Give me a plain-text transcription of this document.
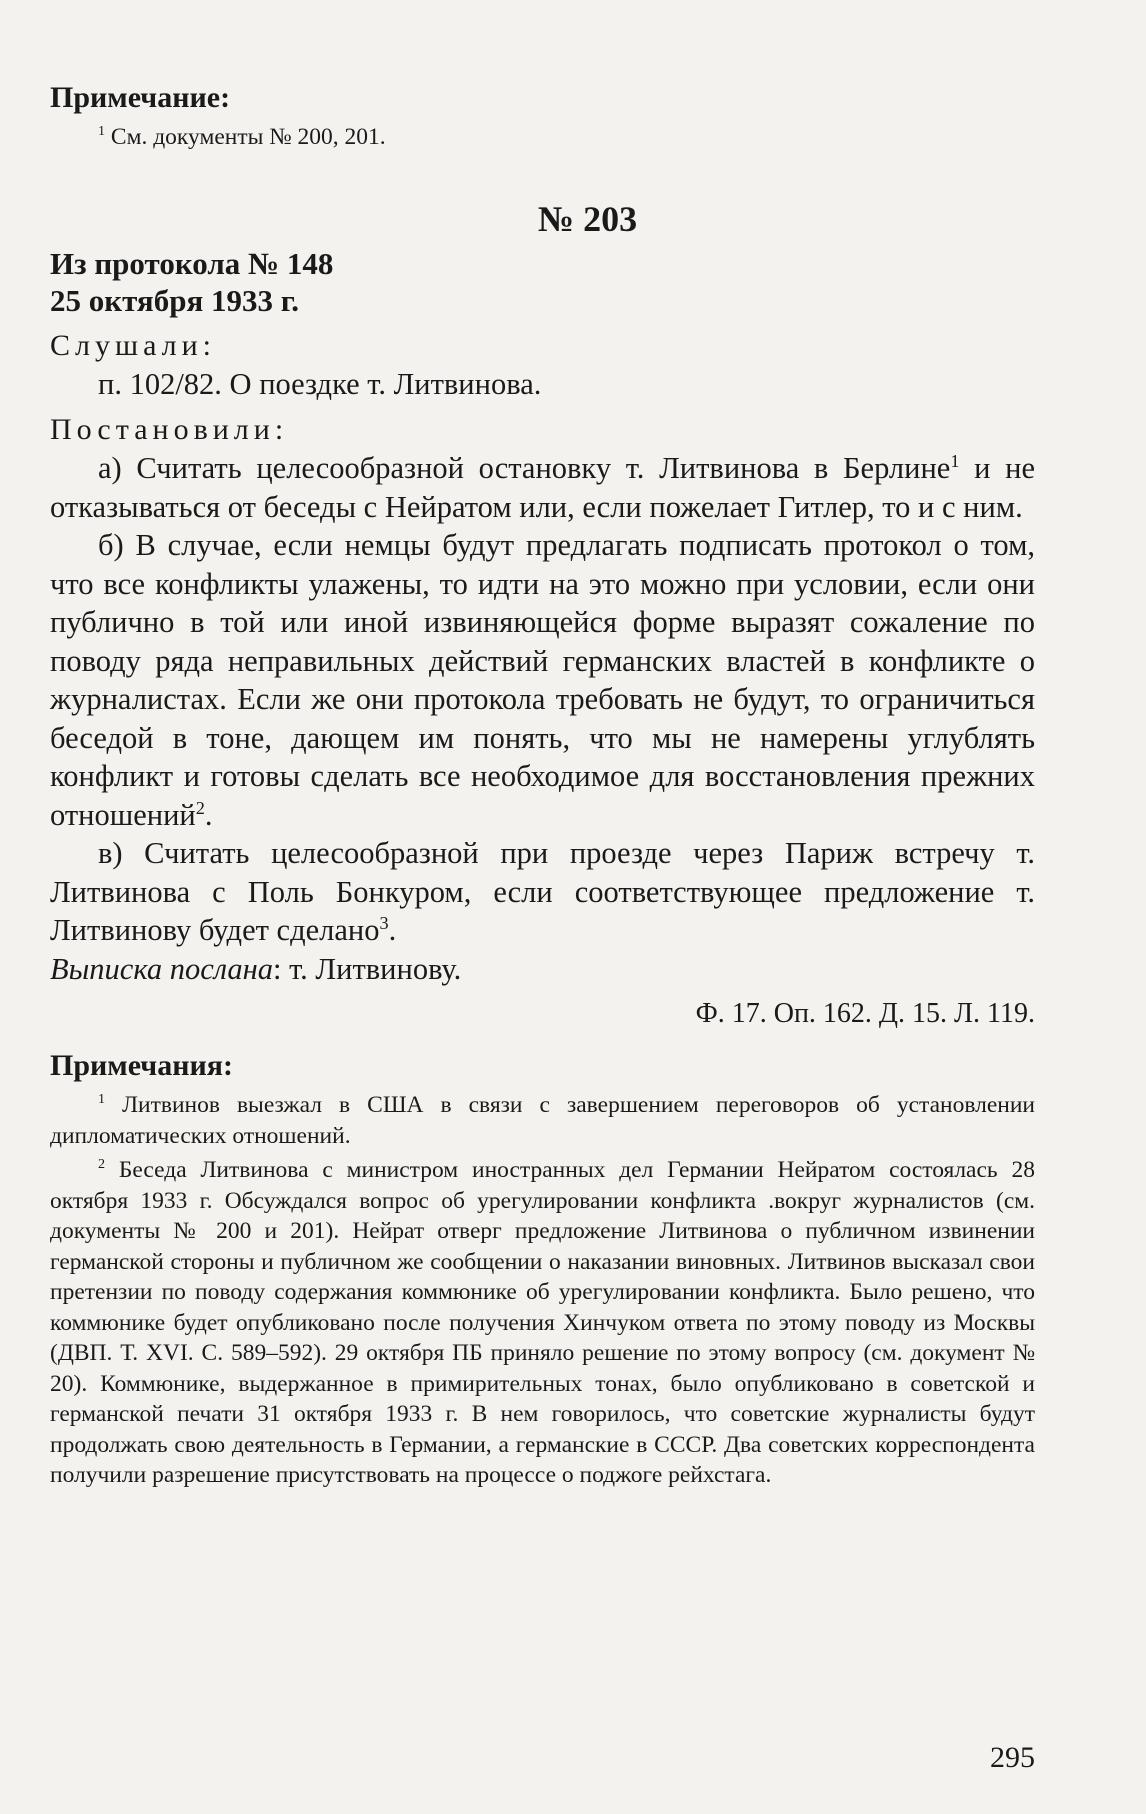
Примечание:

$^1$ См. документы № 200, 201.

№ 203

Из протокола № 148

25 октября 1933 г.

Слушали:

п. 102/82. О поездке т. Литвинова.

Постановили:

а) Считать целесообразной остановку т. Литвинова в Берлине$^1$ и не отказываться от беседы с Нейратом или, если пожелает Гитлер, то и с ним.

б) В случае, если немцы будут предлагать подписать протокол о том, что все конфликты улажены, то идти на это можно при условии, если они публично в той или иной извиняющейся форме выразят сожаление по поводу ряда неправильных действий германских властей в конфликте о журналистах. Если же они протокола требовать не будут, то ограничиться беседой в тоне, дающем им понять, что мы не намерены углублять конфликт и готовы сделать все необходимое для восстановления прежних отношений$^2$.

в) Считать целесообразной при проезде через Париж встречу т. Литвинова с Поль Бонкуром, если соответствующее предложение т. Литвинову будет сделано$^3$.

Выписка послана: т. Литвинову.

Ф. 17. Оп. 162. Д. 15. Л. 119.

Примечания:

$^1$ Литвинов выезжал в США в связи с завершением переговоров об установлении дипломатических отношений.

$^2$ Беседа Литвинова с министром иностранных дел Германии Нейратом состоялась 28 октября 1933 г. Обсуждался вопрос об урегулировании конфликта .вокруг журналистов (см. документы № 200 и 201). Нейрат отверг предложение Литвинова о публичном извинении германской стороны и публичном же сообщении о наказании виновных. Литвинов высказал свои претензии по поводу содержания коммюнике об урегулировании конфликта. Было решено, что коммюнике будет опубликовано после получения Хинчуком ответа по этому поводу из Москвы (ДВП. Т. XVI. С. 589–592). 29 октября ПБ приняло решение по этому вопросу (см. документ № 20). Коммюнике, выдержанное в примирительных тонах, было опубликовано в советской и германской печати 31 октября 1933 г. В нем говорилось, что советские журналисты будут продолжать свою деятельность в Германии, а германские в СССР. Два советских корреспондента получили разрешение присутствовать на процессе о поджоге рейхстага.

295
